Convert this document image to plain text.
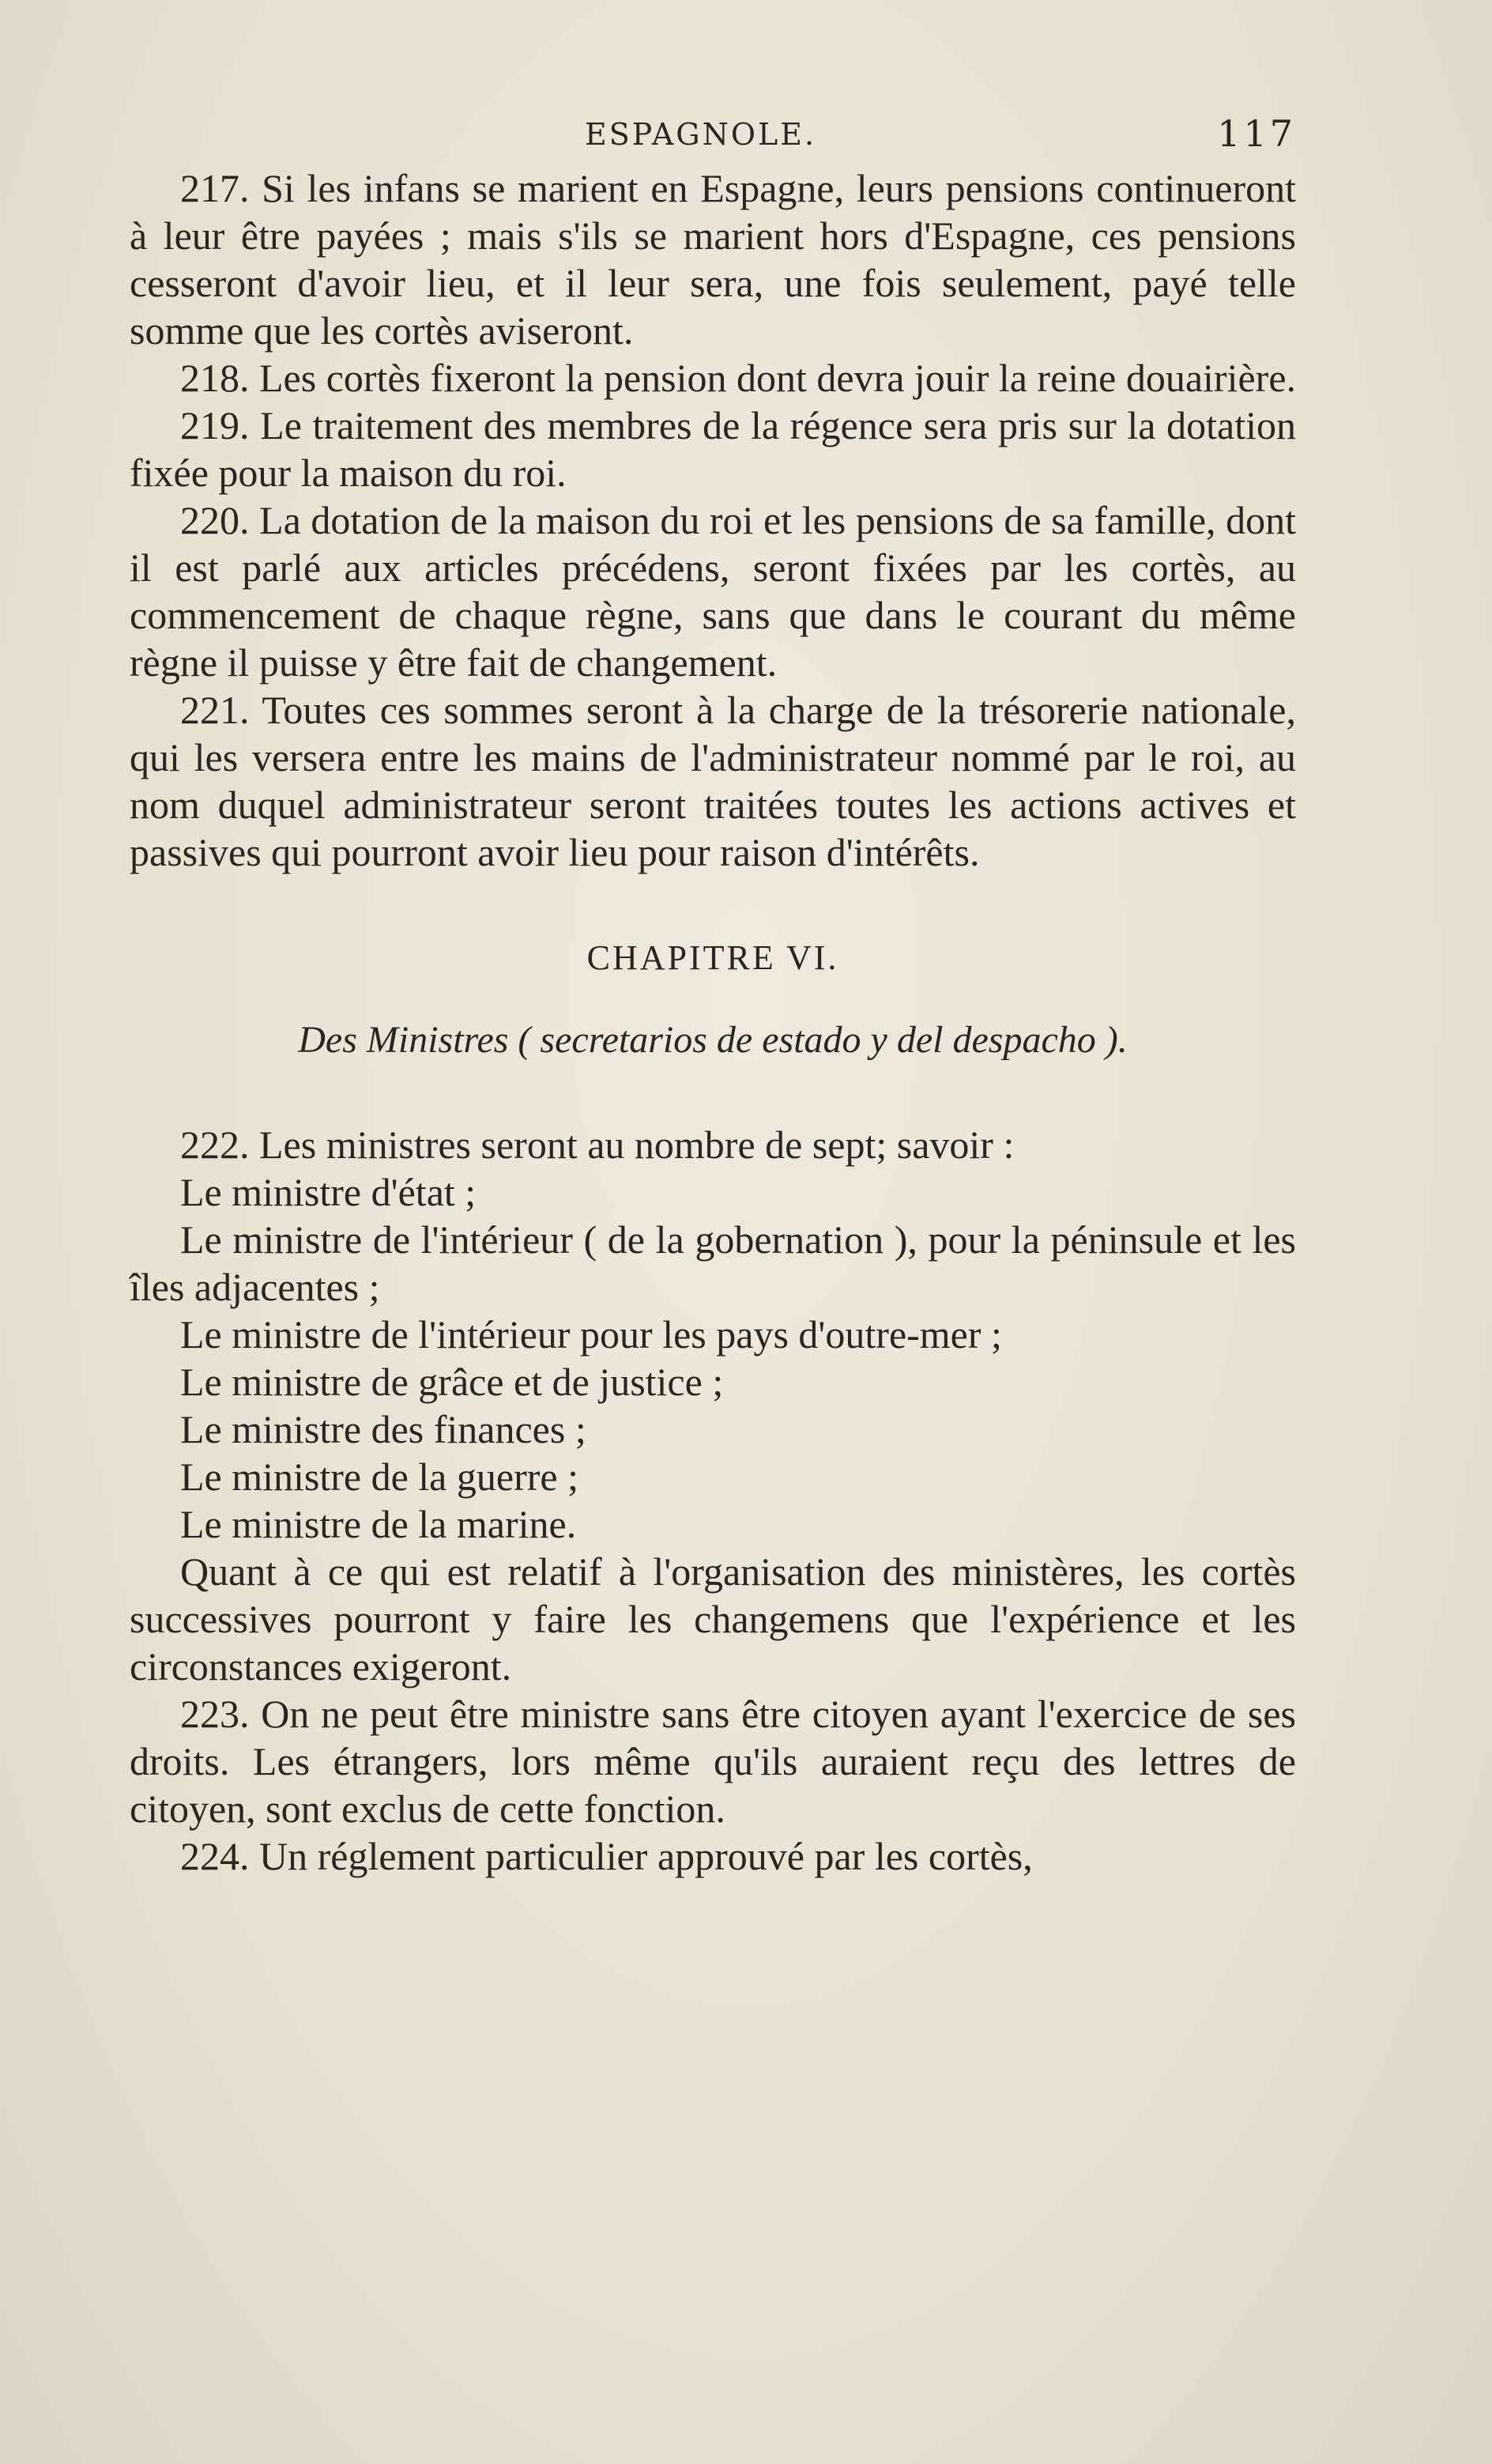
ESPAGNOLE.	117

217. Si les infans se marient en Espagne, leurs pensions continueront à leur être payées ; mais s'ils se marient hors d'Espagne, ces pensions cesseront d'avoir lieu, et il leur sera, une fois seulement, payé telle somme que les cortès aviseront.

218. Les cortès fixeront la pension dont devra jouir la reine douairière.

219. Le traitement des membres de la régence sera pris sur la dotation fixée pour la maison du roi.

220. La dotation de la maison du roi et les pensions de sa famille, dont il est parlé aux articles précédens, seront fixées par les cortès, au commencement de chaque règne, sans que dans le courant du même règne il puisse y être fait de changement.

221. Toutes ces sommes seront à la charge de la trésorerie nationale, qui les versera entre les mains de l'administrateur nommé par le roi, au nom duquel administrateur seront traitées toutes les actions actives et passives qui pourront avoir lieu pour raison d'intérêts.

CHAPITRE VI.
Des Ministres ( secretarios de estado y del despacho ).

222. Les ministres seront au nombre de sept; savoir :

Le ministre d'état ;

Le ministre de l'intérieur ( de la gobernation ), pour la péninsule et les îles adjacentes ;

Le ministre de l'intérieur pour les pays d'outre-mer ;

Le ministre de grâce et de justice ;

Le ministre des finances ;

Le ministre de la guerre ;

Le ministre de la marine.

Quant à ce qui est relatif à l'organisation des ministères, les cortès successives pourront y faire les changemens que l'expérience et les circonstances exigeront.

223. On ne peut être ministre sans être citoyen ayant l'exercice de ses droits. Les étrangers, lors même qu'ils auraient reçu des lettres de citoyen, sont exclus de cette fonction.

224. Un réglement particulier approuvé par les cortès,
